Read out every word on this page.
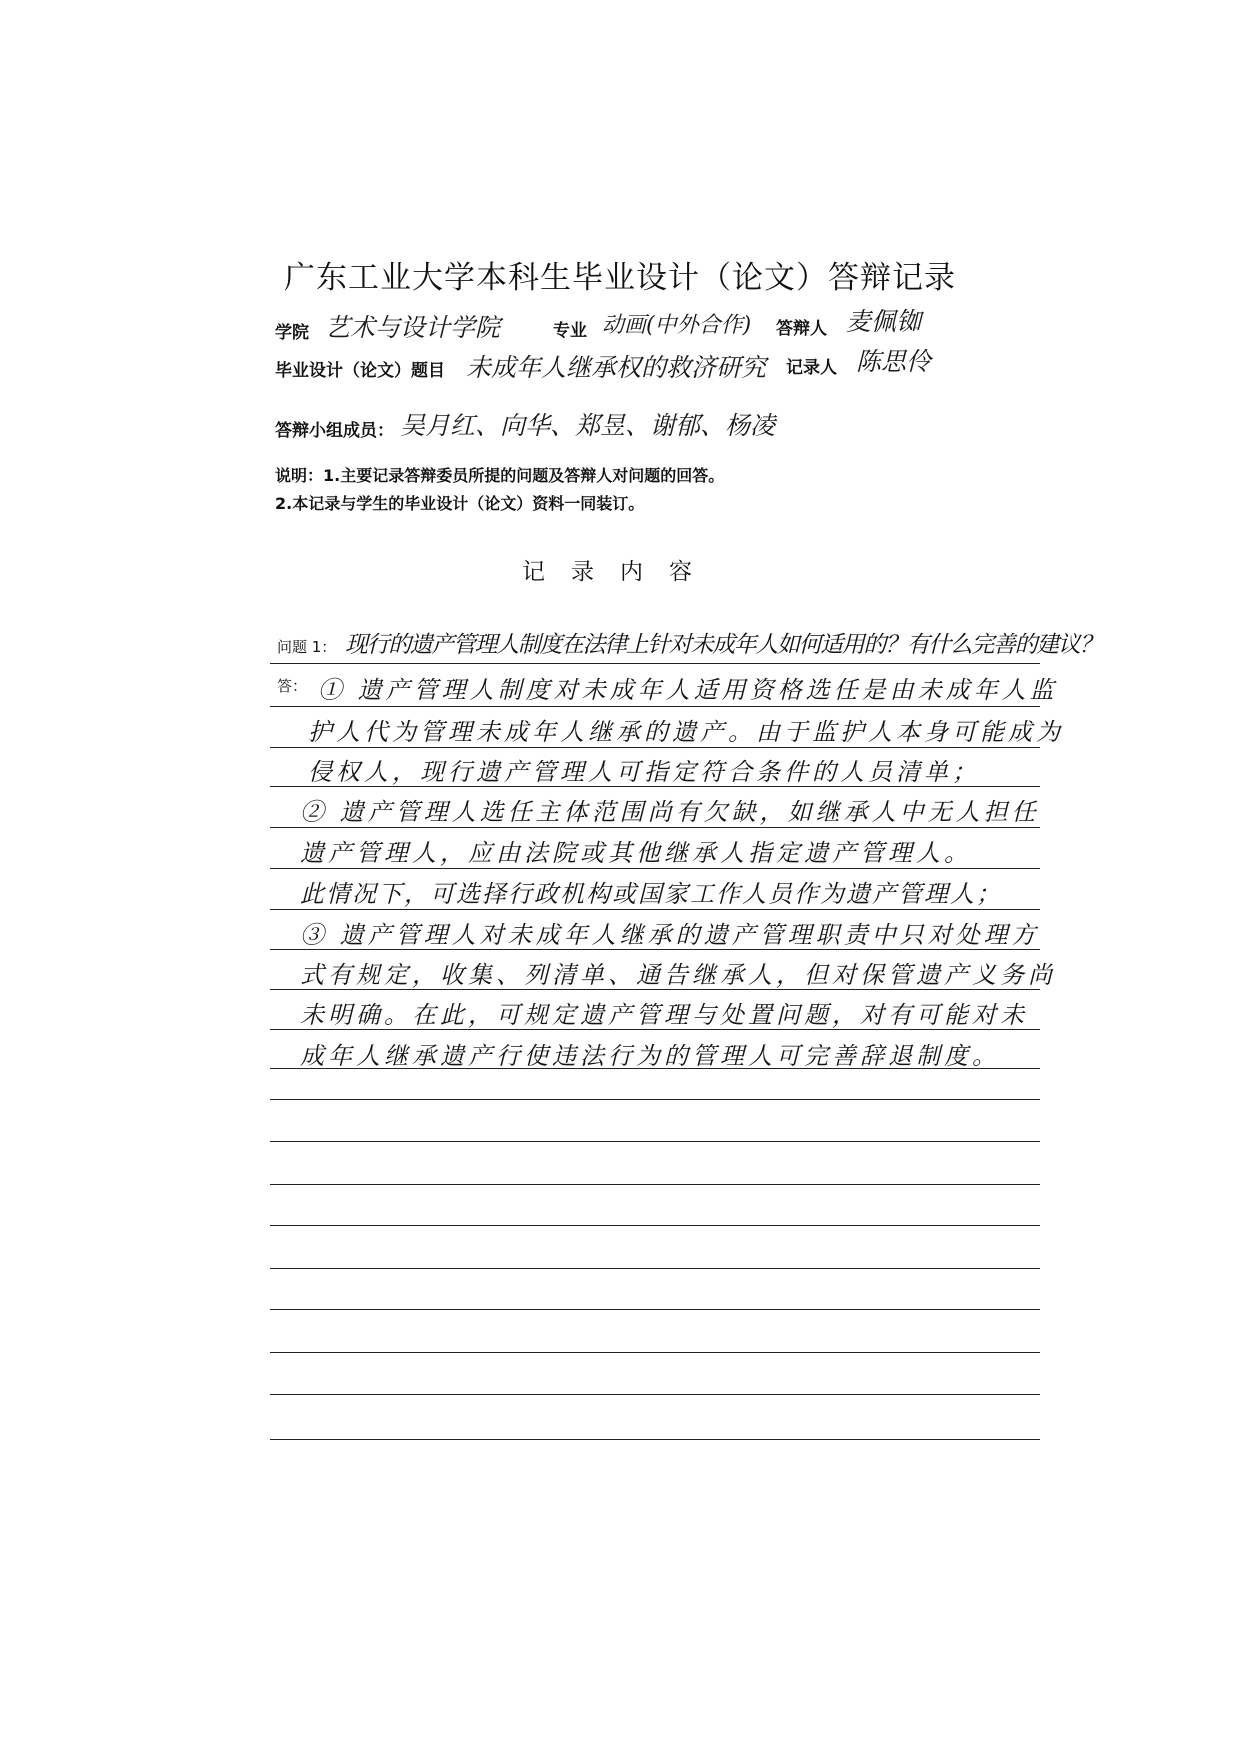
广东工业大学本科生毕业设计（论文）答辩记录
学院 艺术与设计学院	专业 动画(中外合作) 答辩人 麦佩铷
毕业设计（论文）题目 未成年人继承权的救济研究 记录人 陈思伶
答辩小组成员： 吴月红、向华、郑昱、谢郁、杨凌
说明：1.主要记录答辩委员所提的问题及答辩人对问题的回答。
2.本记录与学生的毕业设计（论文）资料一同装订。
记录内容
问题 1： 现行的遗产管理人制度在法律上针对未成年人如何适用的？有什么完善的建议？
答： ① 遗产管理人制度对未成年人适用资格选任是由未成年人监
护人代为管理未成年人继承的遗产。由于监护人本身可能成为
侵权人，现行遗产管理人可指定符合条件的人员清单；
② 遗产管理人选任主体范围尚有欠缺，如继承人中无人担任
遗产管理人，应由法院或其他继承人指定遗产管理人。
此情况下，可选择行政机构或国家工作人员作为遗产管理人；
③ 遗产管理人对未成年人继承的遗产管理职责中只对处理方
式有规定，收集、列清单、通告继承人，但对保管遗产义务尚
未明确。在此，可规定遗产管理与处置问题，对有可能对未
成年人继承遗产行使违法行为的管理人可完善辞退制度。
